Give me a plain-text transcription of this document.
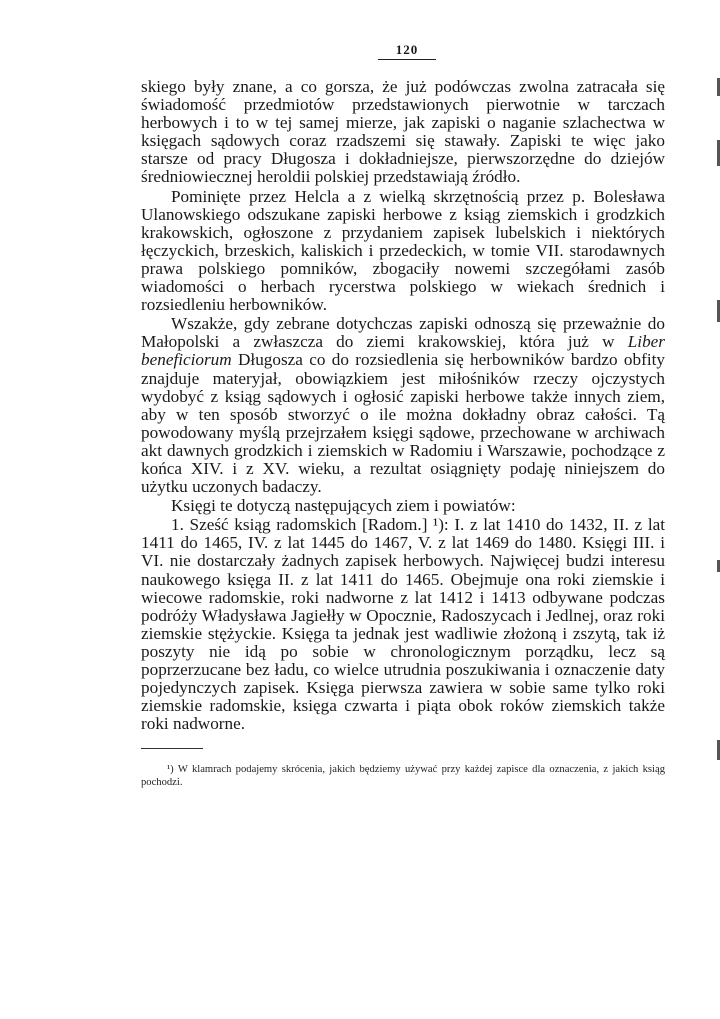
120

skiego były znane, a co gorsza, że już podówczas zwolna zatracała się świadomość przedmiotów przedstawionych pierwotnie w tarczach herbowych i to w tej samej mierze, jak zapiski o naganie szlachectwa w księgach sądowych coraz rzadszemi się stawały. Zapiski te więc jako starsze od pracy Długosza i dokładniejsze, pierwszorzędne do dziejów średniowiecznej heroldii polskiej przedstawiają źródło.

Pominięte przez Helcla a z wielką skrzętnością przez p. Bolesława Ulanowskiego odszukane zapiski herbowe z ksiąg ziemskich i grodzkich krakowskich, ogłoszone z przydaniem zapisek lubelskich i niektórych łęczyckich, brzeskich, kaliskich i przedeckich, w tomie VII. starodawnych prawa polskiego pomników, zbogaciły nowemi szczegółami zasób wiadomości o herbach rycerstwa polskiego w wiekach średnich i rozsiedleniu herbowników.

Wszakże, gdy zebrane dotychczas zapiski odnoszą się przeważnie do Małopolski a zwłaszcza do ziemi krakowskiej, która już w Liber beneficiorum Długosza co do rozsiedlenia się herbowników bardzo obfity znajduje materyjał, obowiązkiem jest miłośników rzeczy ojczystych wydobyć z ksiąg sądowych i ogłosić zapiski herbowe także innych ziem, aby w ten sposób stworzyć o ile można dokładny obraz całości. Tą powodowany myślą przejrzałem księgi sądowe, przechowane w archiwach akt dawnych grodzkich i ziemskich w Radomiu i Warszawie, pochodzące z końca XIV. i z XV. wieku, a rezultat osiągnięty podaję niniejszem do użytku uczonych badaczy.

Księgi te dotyczą następujących ziem i powiatów:

1. Sześć ksiąg radomskich [Radom.] ¹): I. z lat 1410 do 1432, II. z lat 1411 do 1465, IV. z lat 1445 do 1467, V. z lat 1469 do 1480. Księgi III. i VI. nie dostarczały żadnych zapisek herbowych. Najwięcej budzi interesu naukowego księga II. z lat 1411 do 1465. Obejmuje ona roki ziemskie i wiecowe radomskie, roki nadworne z lat 1412 i 1413 odbywane podczas podróży Władysława Jagiełły w Opocznie, Radoszycach i Jedlnej, oraz roki ziemskie stężyckie. Księga ta jednak jest wadliwie złożoną i zszytą, tak iż poszyty nie idą po sobie w chronologicznym porządku, lecz są poprzerzucane bez ładu, co wielce utrudnia poszukiwania i oznaczenie daty pojedynczych zapisek. Księga pierwsza zawiera w sobie same tylko roki ziemskie radomskie, księga czwarta i piąta obok roków ziemskich także roki nadworne.

¹) W klamrach podajemy skrócenia, jakich będziemy używać przy każdej zapisce dla oznaczenia, z jakich ksiąg pochodzi.
